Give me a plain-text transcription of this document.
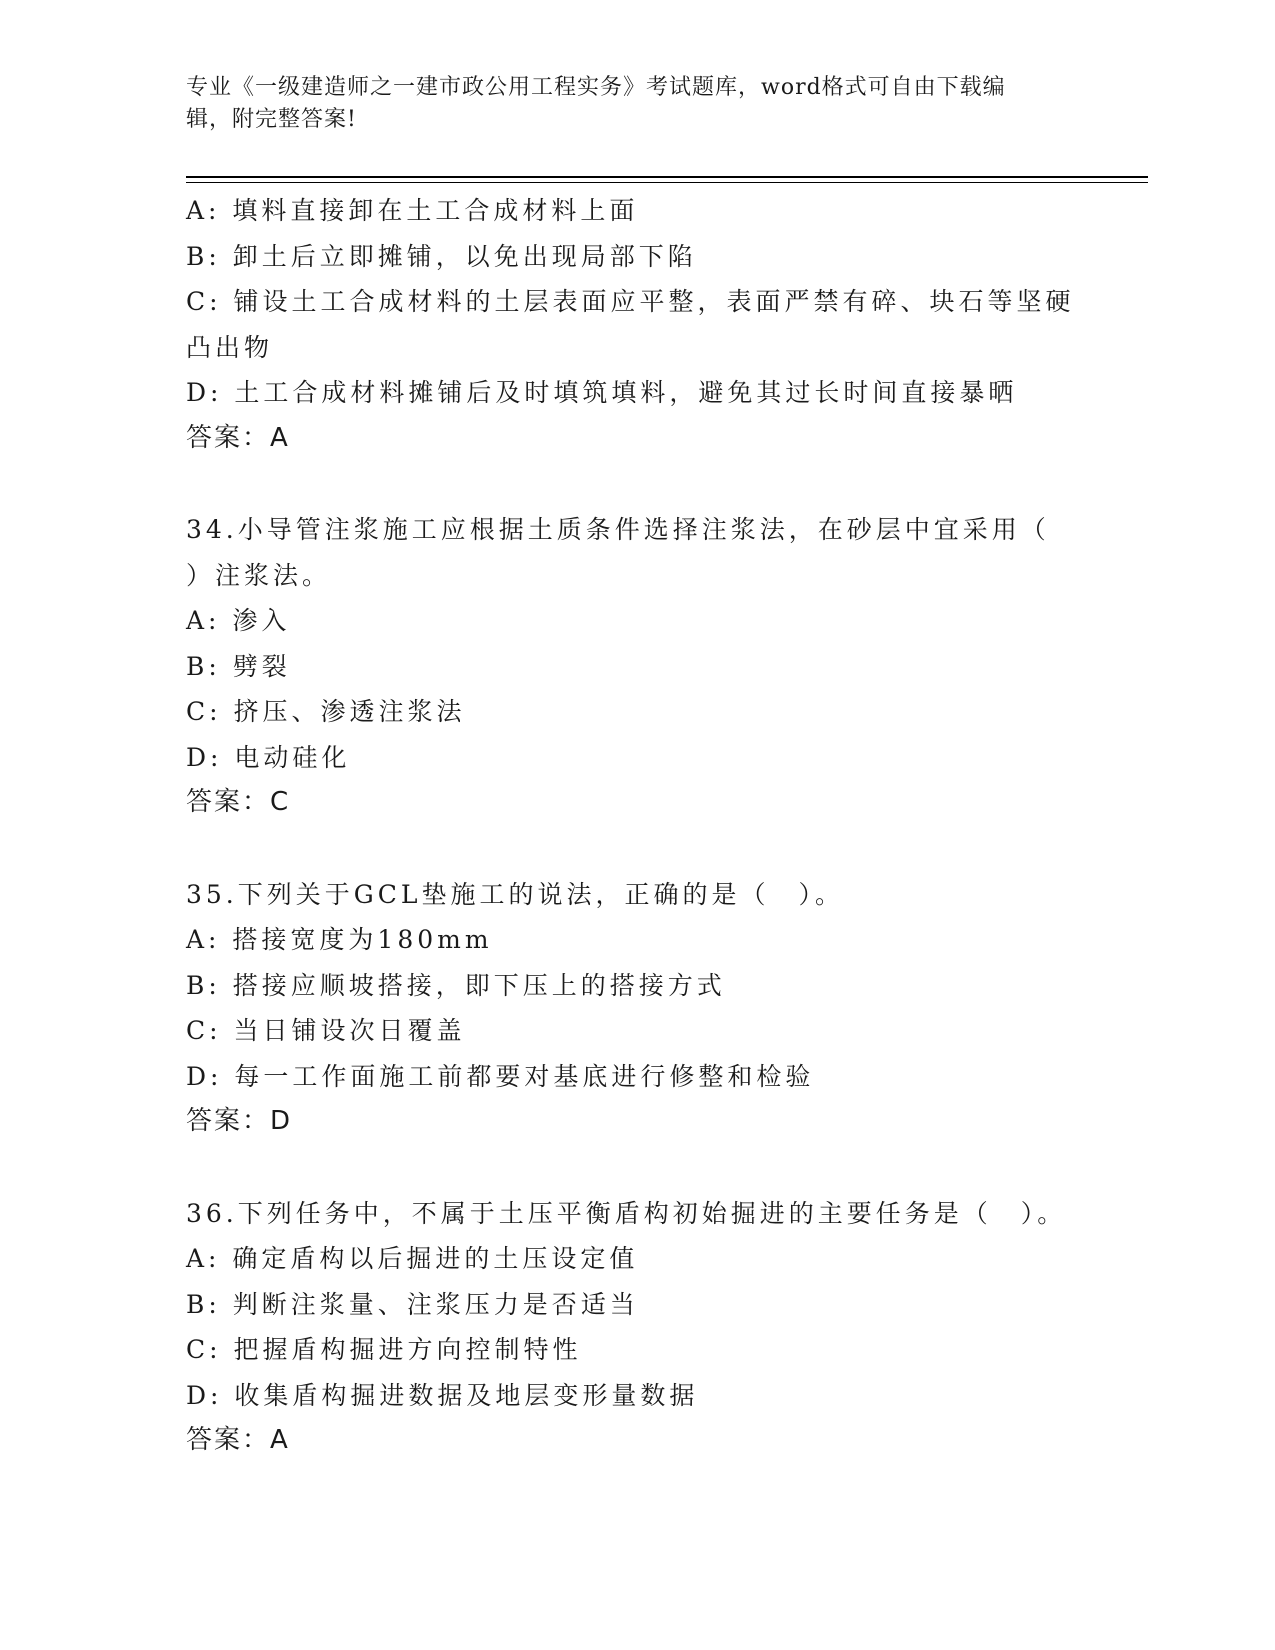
专业《一级建造师之一建市政公用工程实务》考试题库，word格式可自由下载编
辑，附完整答案!
A: 填料直接卸在土工合成材料上面
B: 卸土后立即摊铺，以免出现局部下陷
C: 铺设土工合成材料的土层表面应平整，表面严禁有碎、块石等坚硬
凸出物
D: 土工合成材料摊铺后及时填筑填料，避免其过长时间直接暴晒
答案：A
34.小导管注浆施工应根据土质条件选择注浆法，在砂层中宜采用（
）注浆法。
A: 渗入
B: 劈裂
C: 挤压、渗透注浆法
D: 电动硅化
答案：C
35.下列关于GCL垫施工的说法，正确的是（　）。
A: 搭接宽度为180mm
B: 搭接应顺坡搭接，即下压上的搭接方式
C: 当日铺设次日覆盖
D: 每一工作面施工前都要对基底进行修整和检验
答案：D
36.下列任务中，不属于土压平衡盾构初始掘进的主要任务是（　）。
A: 确定盾构以后掘进的土压设定值
B: 判断注浆量、注浆压力是否适当
C: 把握盾构掘进方向控制特性
D: 收集盾构掘进数据及地层变形量数据
答案：A
